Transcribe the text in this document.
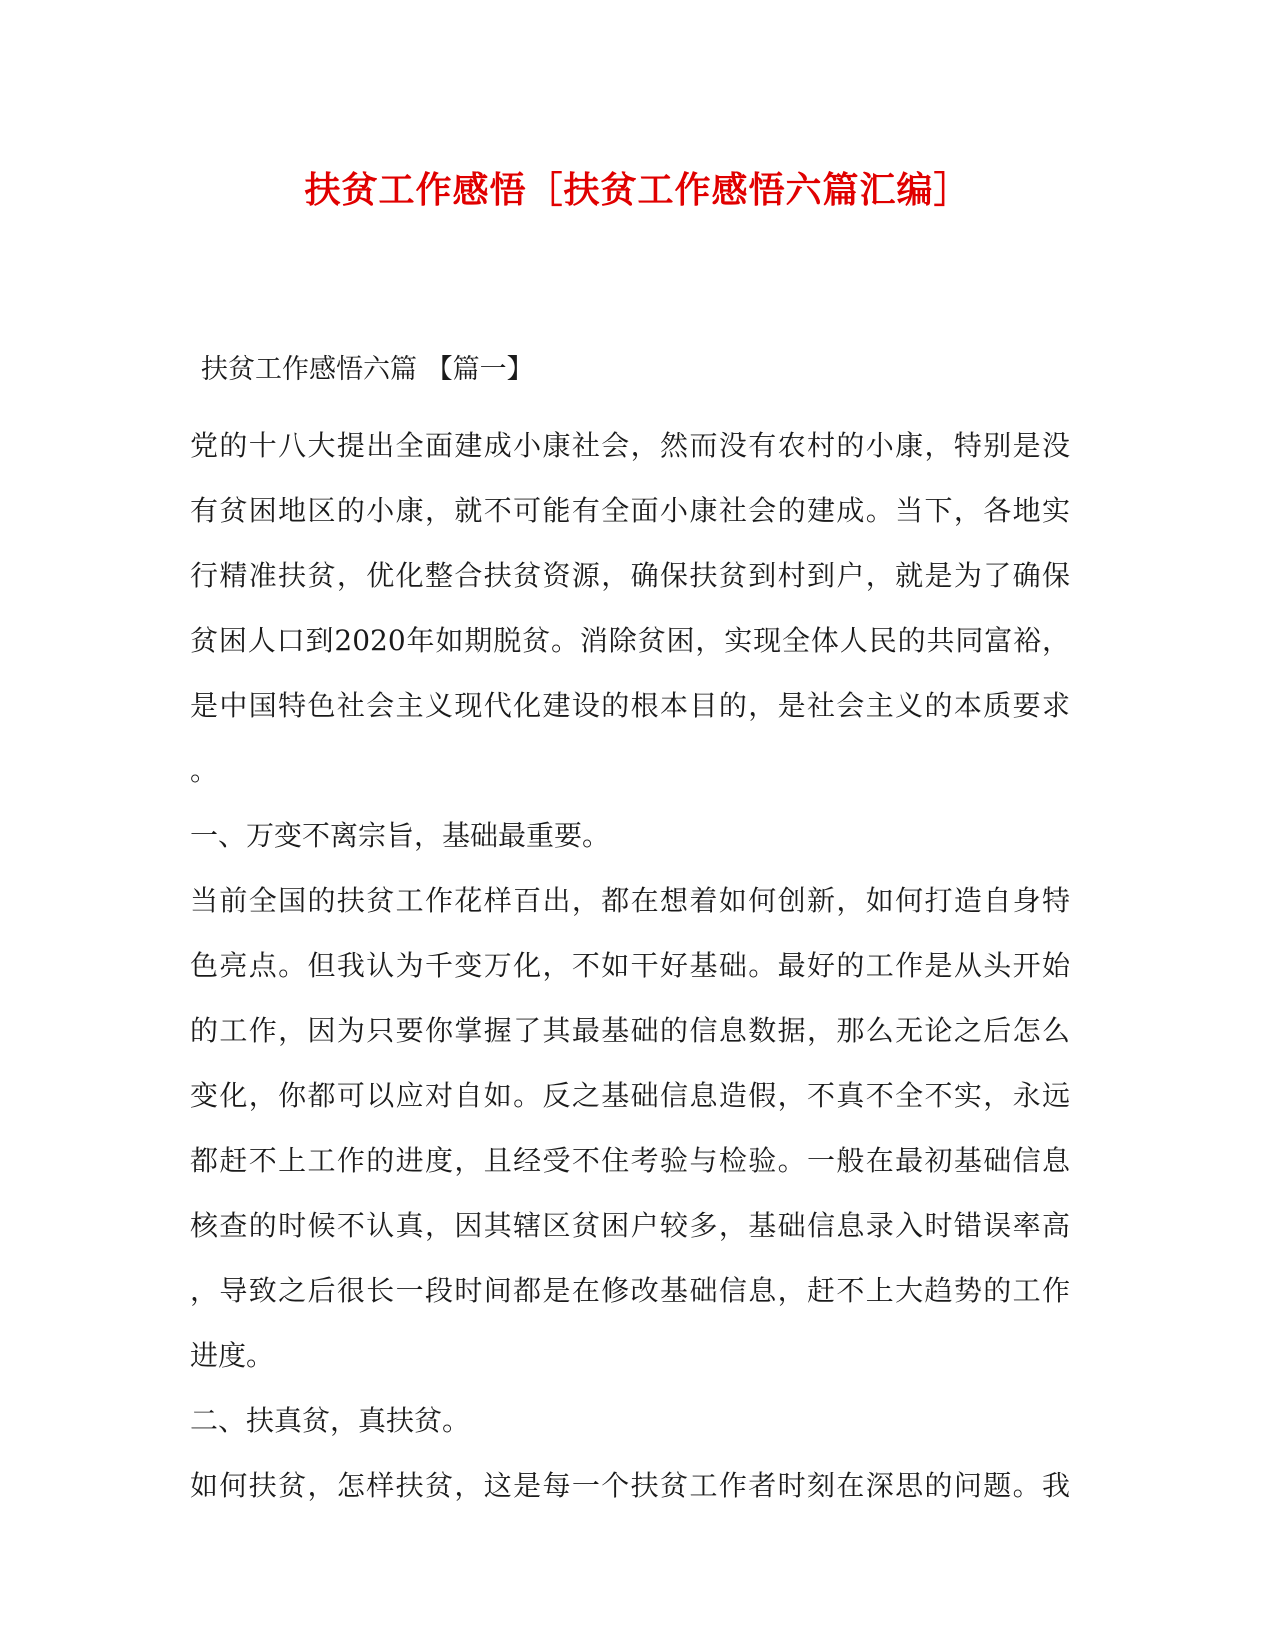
扶贫工作感悟［扶贫工作感悟六篇汇编］
扶贫工作感悟六篇 【篇一】
党的十八大提出全面建成小康社会，然而没有农村的小康，特别是没
有贫困地区的小康，就不可能有全面小康社会的建成。当下，各地实
行精准扶贫，优化整合扶贫资源，确保扶贫到村到户，就是为了确保
贫困人口到2020年如期脱贫。消除贫困，实现全体人民的共同富裕，
是中国特色社会主义现代化建设的根本目的，是社会主义的本质要求
。
一、万变不离宗旨，基础最重要。
当前全国的扶贫工作花样百出，都在想着如何创新，如何打造自身特
色亮点。但我认为千变万化，不如干好基础。最好的工作是从头开始
的工作，因为只要你掌握了其最基础的信息数据，那么无论之后怎么
变化，你都可以应对自如。反之基础信息造假，不真不全不实，永远
都赶不上工作的进度，且经受不住考验与检验。一般在最初基础信息
核查的时候不认真，因其辖区贫困户较多，基础信息录入时错误率高
，导致之后很长一段时间都是在修改基础信息，赶不上大趋势的工作
进度。
二、扶真贫，真扶贫。
如何扶贫，怎样扶贫，这是每一个扶贫工作者时刻在深思的问题。我
